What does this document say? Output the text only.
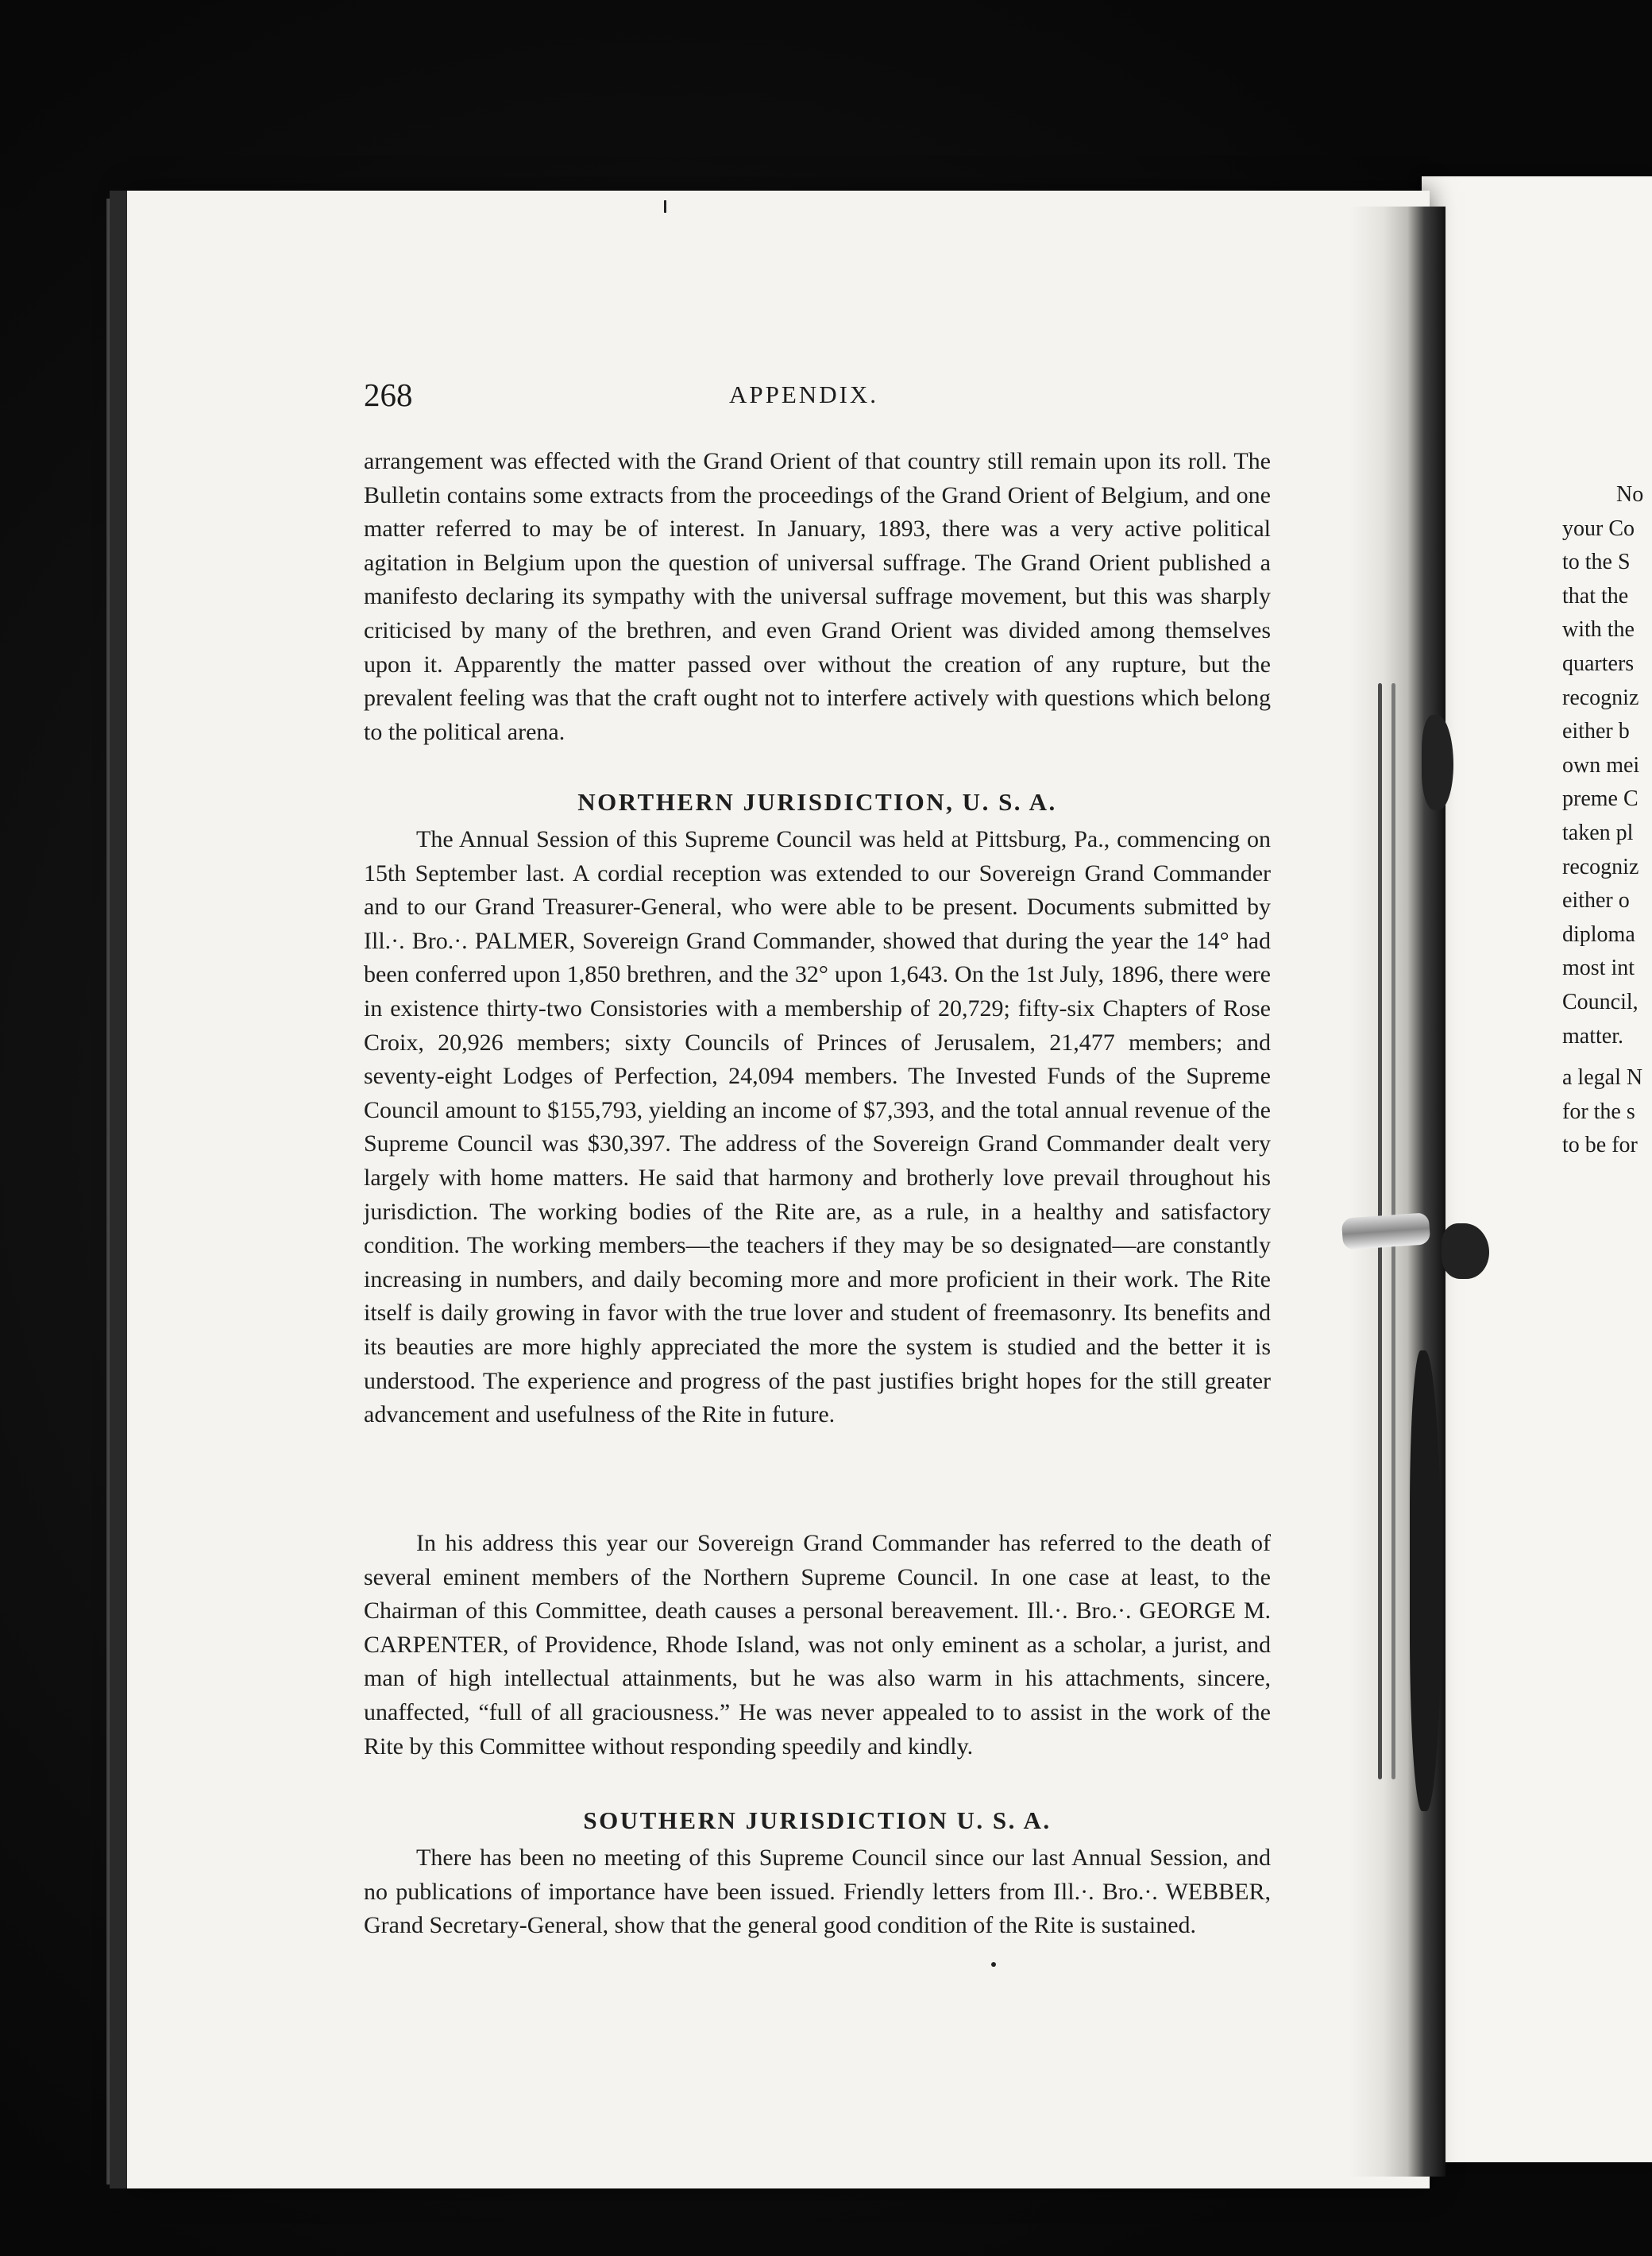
No
your Co
to the S
that the
with the
quarters
recogniz
either b
own mei
preme C
taken pl
recogniz
either o
diploma
most int
Council,
matter.
a legal N
for the s
to be for
268	APPENDIX.

arrangement was effected with the Grand Orient of that country still remain upon its roll. The Bulletin contains some extracts from the proceedings of the Grand Orient of Belgium, and one matter referred to may be of interest. In January, 1893, there was a very active political agitation in Belgium upon the question of universal suffrage. The Grand Orient published a manifesto declaring its sympathy with the universal suffrage movement, but this was sharply criticised by many of the brethren, and even Grand Orient was divided among themselves upon it. Apparently the matter passed over without the creation of any rupture, but the prevalent feeling was that the craft ought not to interfere actively with questions which belong to the political arena.

NORTHERN JURISDICTION, U. S. A.

The Annual Session of this Supreme Council was held at Pittsburg, Pa., commencing on 15th September last. A cordial reception was extended to our Sovereign Grand Commander and to our Grand Treasurer-General, who were able to be present. Documents submitted by Ill.·. Bro.·. PALMER, Sovereign Grand Commander, showed that during the year the 14° had been conferred upon 1,850 brethren, and the 32° upon 1,643. On the 1st July, 1896, there were in existence thirty-two Consistories with a membership of 20,729; fifty-six Chapters of Rose Croix, 20,926 members; sixty Councils of Princes of Jerusalem, 21,477 members; and seventy-eight Lodges of Perfection, 24,094 members. The Invested Funds of the Supreme Council amount to $155,793, yielding an income of $7,393, and the total annual revenue of the Supreme Council was $30,397. The address of the Sovereign Grand Commander dealt very largely with home matters. He said that harmony and brotherly love prevail throughout his jurisdiction. The working bodies of the Rite are, as a rule, in a healthy and satisfactory condition. The working members—the teachers if they may be so designated—are constantly increasing in numbers, and daily becoming more and more proficient in their work. The Rite itself is daily growing in favor with the true lover and student of freemasonry. Its benefits and its beauties are more highly appreciated the more the system is studied and the better it is understood. The experience and progress of the past justifies bright hopes for the still greater advancement and usefulness of the Rite in future.

In his address this year our Sovereign Grand Commander has referred to the death of several eminent members of the Northern Supreme Council. In one case at least, to the Chairman of this Committee, death causes a personal bereavement. Ill.·. Bro.·. GEORGE M. CARPENTER, of Providence, Rhode Island, was not only eminent as a scholar, a jurist, and man of high intellectual attainments, but he was also warm in his attachments, sincere, unaffected, “full of all graciousness.” He was never appealed to to assist in the work of the Rite by this Committee without responding speedily and kindly.

SOUTHERN JURISDICTION U. S. A.

There has been no meeting of this Supreme Council since our last Annual Session, and no publications of importance have been issued. Friendly letters from Ill.·. Bro.·. WEBBER, Grand Secretary-General, show that the general good condition of the Rite is sustained.
